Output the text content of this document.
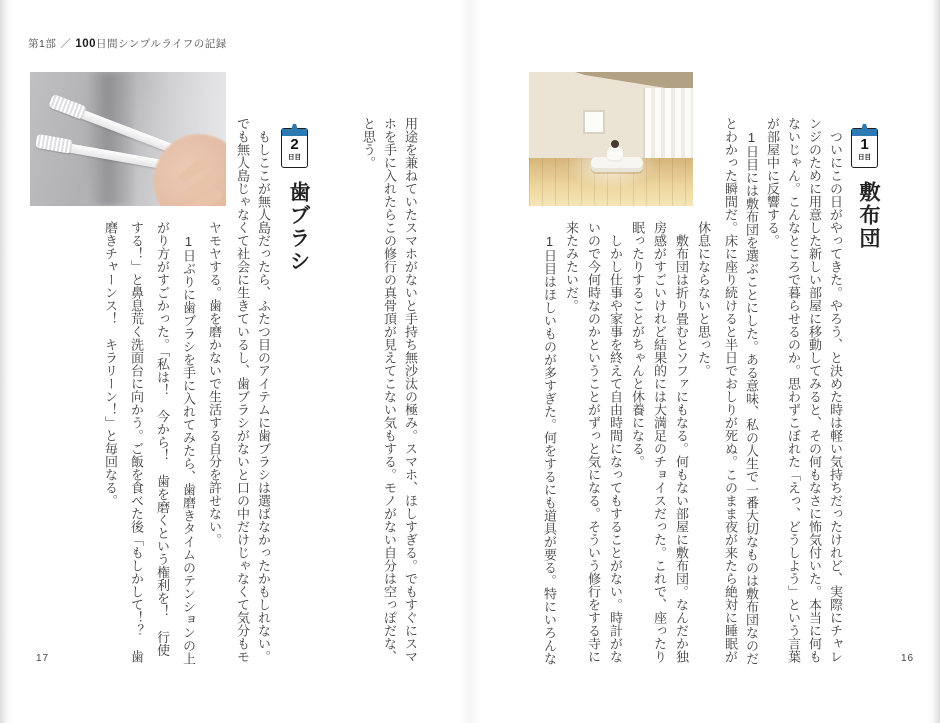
第1部 ／ 100日間シンプルライフの記録
1
日目
敷布団

　ついにこの日がやってきた。やろう、と決めた時は軽い気持ちだったけれど、実際にチャレンジのために用意した新しい部屋に移動してみると、その何もなさに怖気付いた。本当に何もないじゃん。こんなところで暮らせるのか。思わずこぼれた「えっ、どうしよう」という言葉が部屋中に反響する。

　1日目には敷布団を選ぶことにした。ある意味、私の人生で一番大切なものは敷布団なのだとわかった瞬間だ。床に座り続けると半日でおしりが死ぬ。このまま夜が来たら絶対に睡眠が

休息にならないと思った。

　敷布団は折り畳むとソファにもなる。何もない部屋に敷布団。なんだか独房感がすごいけれど結果的には大満足のチョイスだった。これで、座ったり眠ったりすることがちゃんと休養になる。

　しかし仕事や家事を終えて自由時間になってもすることがない。時計がないので今何時なのかということがずっと気になる。そういう修行をする寺に来たみたいだ。

　1日目はほしいものが多すぎた。何をするにも道具が要る。特にいろんな	16

用途を兼ねていたスマホがないと手持ち無沙汰の極み。スマホ、ほしすぎる。でもすぐにスマホを手に入れたらこの修行の真骨頂が見えてこない気もする。モノがない自分は空っぽだな、と思う。

2
日目
歯ブラシ

　もしここが無人島だったら、ふたつ目のアイテムに歯ブラシは選ばなかったかもしれない。でも無人島じゃなくて社会に生きているし、歯ブラシがないと口の中だけじゃなくて気分もモ

ヤモヤする。歯を磨かないで生活する自分を許せない。

　1日ぶりに歯ブラシを手に入れてみたら、歯磨きタイムのテンションの上がり方がすごかった。「私は！　今から！　歯を磨くという権利を！　行使する！」と鼻息荒く洗面台に向かう。ご飯を食べた後「もしかして！？　歯磨きチャーンス！　キラリーン！」と毎回なる。

17
